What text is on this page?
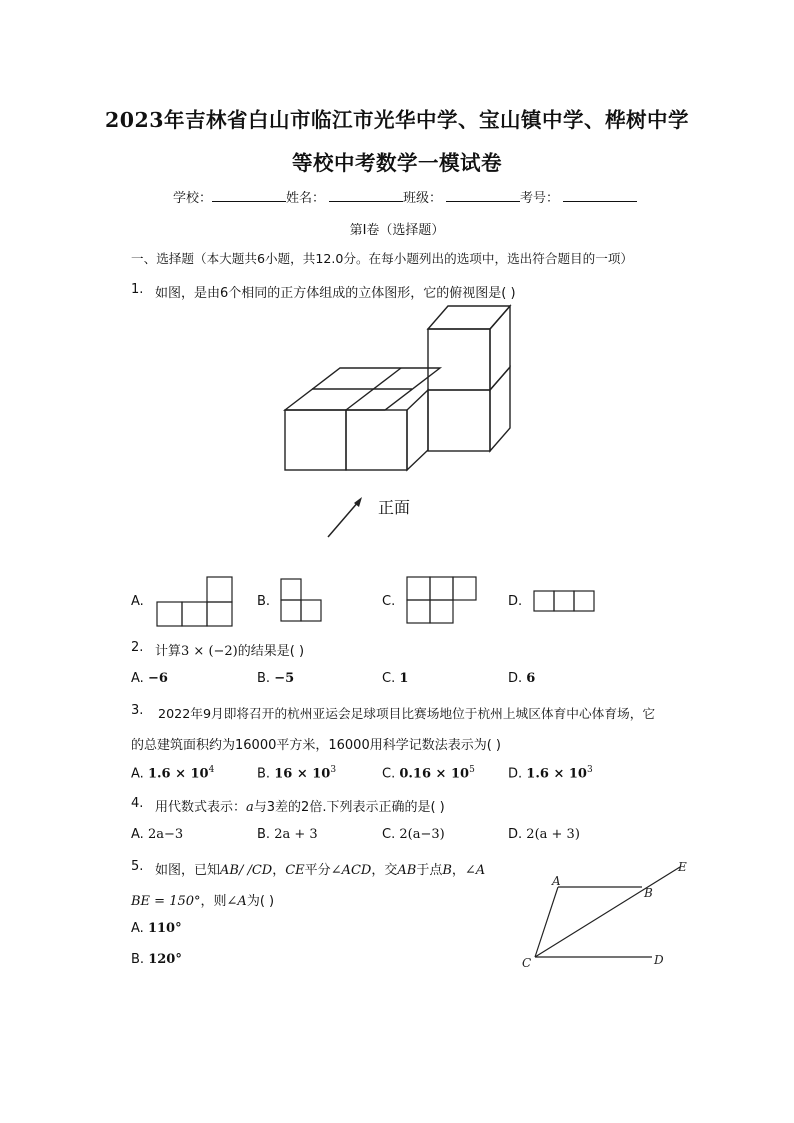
2023年吉林省白山市临江市光华中学、宝山镇中学、桦树中学
等校中考数学一模试卷
学校：	姓名：	班级：	考号：
第I卷（选择题）
一、选择题（本大题共6小题，共12.0分。在每小题列出的选项中，选出符合题目的一项）
1. 如图，是由6个相同的正方体组成的立体图形，它的俯视图是( )
正面
A.	B.	C.	D.
2. 计算3 × (−2)的结果是( )
A. −6	B. −5	C. 1	D. 6
3. 2022年9月即将召开的杭州亚运会足球项目比赛场地位于杭州上城区体育中心体育场，它
的总建筑面积约为16000平方米，16000用科学记数法表示为( )
A. $1.6 \times 10^4$	B. $16 \times 10^3$	C. $0.16 \times 10^5$	D. $1.6 \times 10^3$
4. 用代数式表示：a与3差的2倍.下列表示正确的是( )
A. 2a−3	B. 2a + 3	C. 2(a−3)	D. 2(a + 3)
5. 如图，已知AB/ /CD，CE平分∠ACD，交AB于点B，∠A
BE = 150°，则∠A为( )
A. 110°
B. 120°
A
B
C	D
E
